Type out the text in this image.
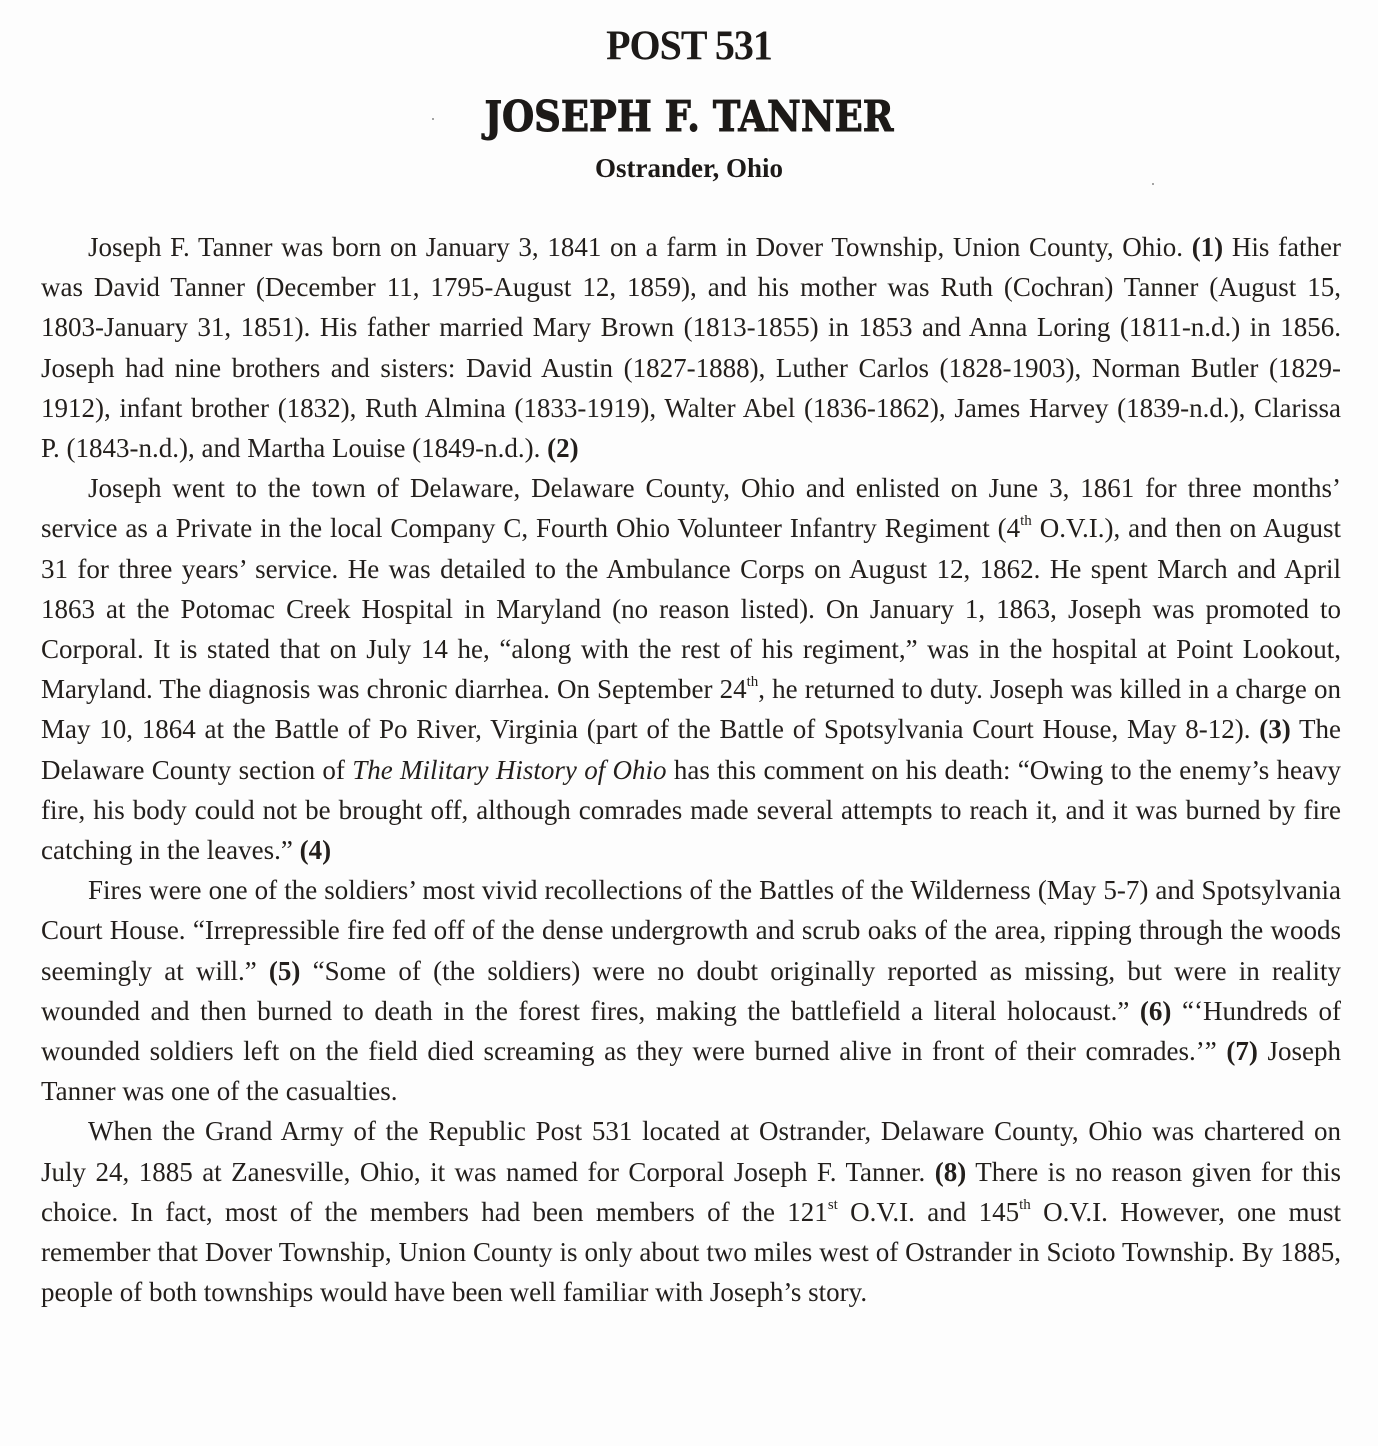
POST 531
JOSEPH F. TANNER
Ostrander, Ohio

Joseph F. Tanner was born on January 3, 1841 on a farm in Dover Township, Union County, Ohio. (1) His father was David Tanner (December 11, 1795-August 12, 1859), and his mother was Ruth (Cochran) Tanner (August 15, 1803-January 31, 1851). His father married Mary Brown (1813-1855) in 1853 and Anna Loring (1811-n.d.) in 1856. Joseph had nine brothers and sisters: David Austin (1827-1888), Luther Carlos (1828-1903), Norman Butler (1829-1912), infant brother (1832), Ruth Almina (1833-1919), Walter Abel (1836-1862), James Harvey (1839-n.d.), Clarissa P. (1843-n.d.), and Martha Louise (1849-n.d.). (2)

Joseph went to the town of Delaware, Delaware County, Ohio and enlisted on June 3, 1861 for three months’ service as a Private in the local Company C, Fourth Ohio Volunteer Infantry Regiment (4th O.V.I.), and then on August 31 for three years’ service. He was detailed to the Ambulance Corps on August 12, 1862. He spent March and April 1863 at the Potomac Creek Hospital in Maryland (no reason listed). On January 1, 1863, Joseph was promoted to Corporal. It is stated that on July 14 he, “along with the rest of his regiment,” was in the hospital at Point Lookout, Maryland. The diagnosis was chronic diarrhea. On September 24th, he returned to duty. Joseph was killed in a charge on May 10, 1864 at the Battle of Po River, Virginia (part of the Battle of Spotsylvania Court House, May 8-12). (3) The Delaware County section of The Military History of Ohio has this comment on his death: “Owing to the enemy’s heavy fire, his body could not be brought off, although comrades made several attempts to reach it, and it was burned by fire catching in the leaves.” (4)

Fires were one of the soldiers’ most vivid recollections of the Battles of the Wilderness (May 5-7) and Spotsylvania Court House. “Irrepressible fire fed off of the dense undergrowth and scrub oaks of the area, ripping through the woods seemingly at will.” (5) “Some of (the soldiers) were no doubt originally reported as missing, but were in reality wounded and then burned to death in the forest fires, making the battlefield a literal holocaust.” (6) “‘Hundreds of wounded soldiers left on the field died screaming as they were burned alive in front of their comrades.’” (7) Joseph Tanner was one of the casualties.

When the Grand Army of the Republic Post 531 located at Ostrander, Delaware County, Ohio was chartered on July 24, 1885 at Zanesville, Ohio, it was named for Corporal Joseph F. Tanner. (8) There is no reason given for this choice. In fact, most of the members had been members of the 121st O.V.I. and 145th O.V.I. However, one must remember that Dover Township, Union County is only about two miles west of Ostrander in Scioto Township. By 1885, people of both townships would have been well familiar with Joseph’s story.
